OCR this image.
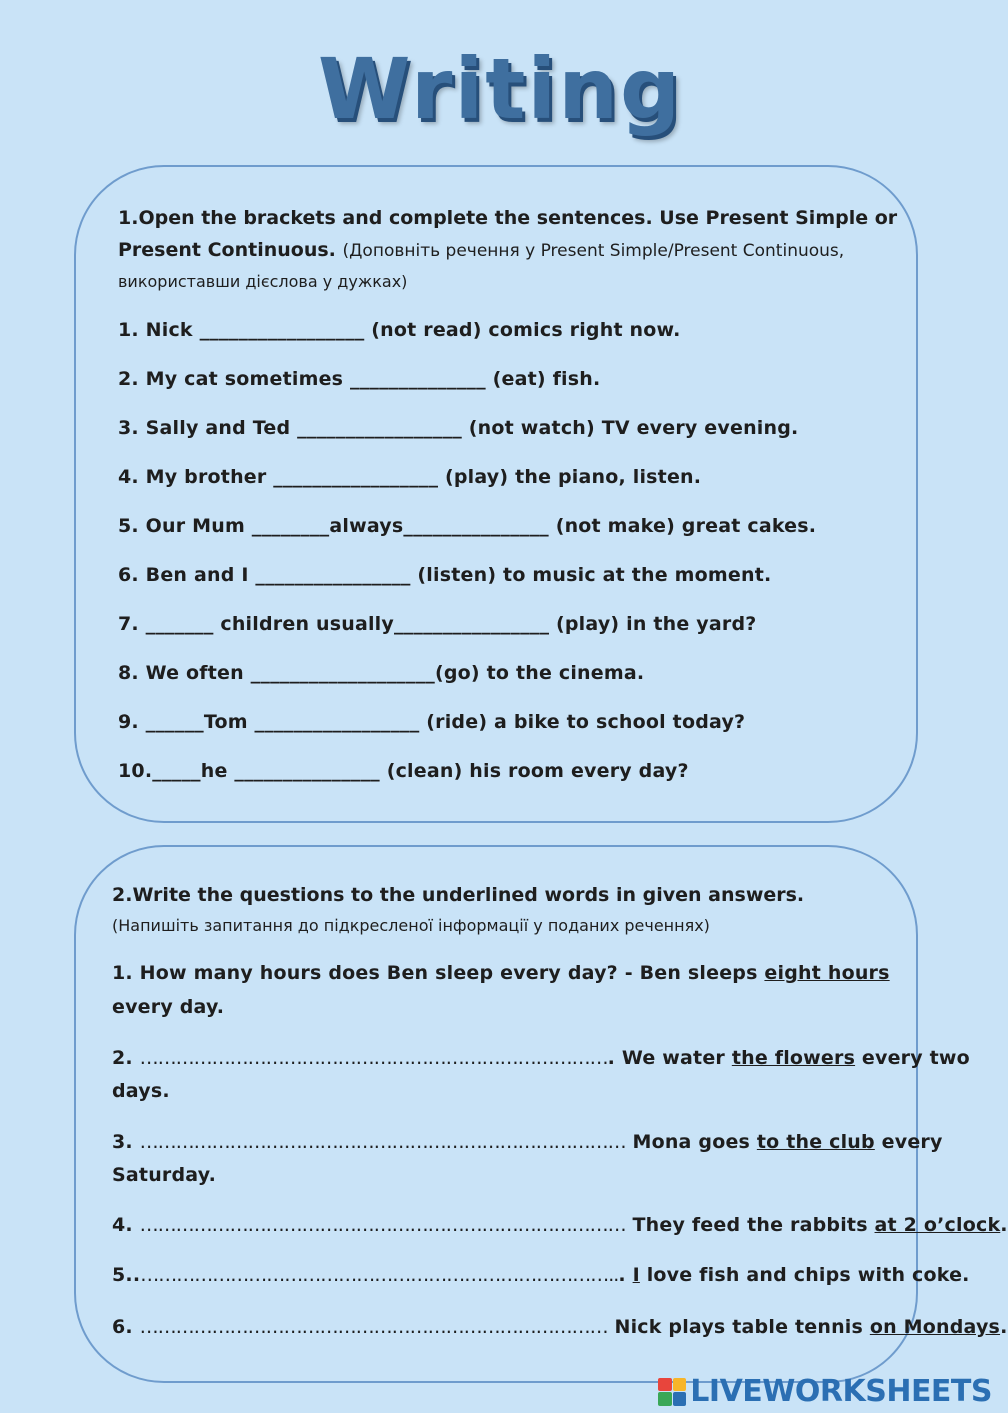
Writing
1.Open the brackets and complete the sentences. Use Present Simple or
Present Continuous. (Доповніть речення у Present Simple/Present Continuous,
використавши дієслова у дужках)
1. Nick _________________ (not read) comics right now.
2. My cat sometimes ______________ (eat) fish.
3. Sally and Ted _________________ (not watch) TV every evening.
4. My brother _________________ (play) the piano, listen.
5. Our Mum ________always_______________ (not make) great cakes.
6. Ben and I ________________ (listen) to music at the moment.
7. _______ children usually________________ (play) in the yard?
8. We often ___________________(go) to the cinema.
9. ______Tom _________________ (ride) a bike to school today?
10._____he _______________ (clean) his room every day?
2.Write the questions to the underlined words in given answers.
(Напишіть запитання до підкресленої інформації у поданих реченнях)
1. How many hours does Ben sleep every day? - Ben sleeps eight hours
every day.
2. ……………………………………………………………………. We water the flowers every two
days.
3. ……………………………………………………………………… Mona goes to the club every
Saturday.
4. ……………………………………………………………………… They feed the rabbits at 2 o’clock.
5..……………………………………………………………………... I love fish and chips with coke.
6. …………………………………………………………………… Nick plays table tennis on Mondays.
LIVEWORKSHEETS
